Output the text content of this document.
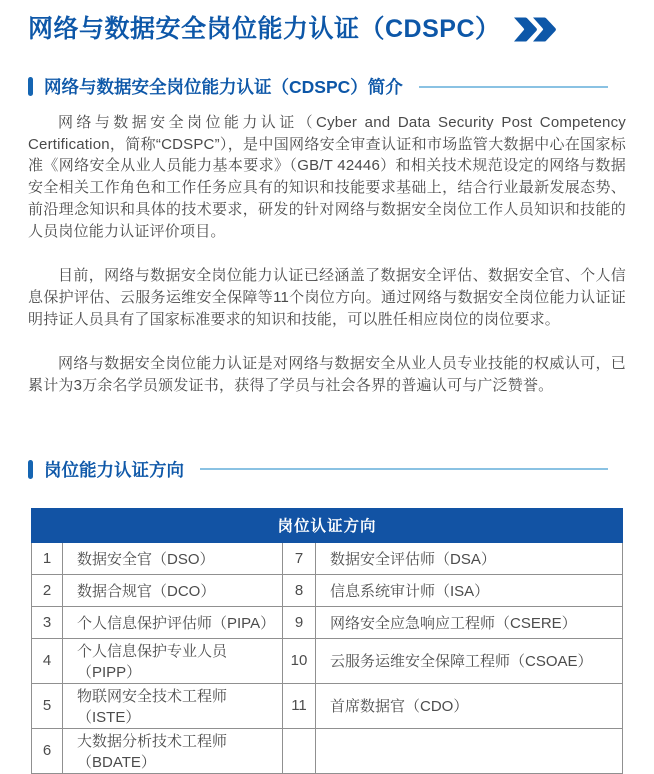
网络与数据安全岗位能力认证（CDSPC）
网络与数据安全岗位能力认证（CDSPC）简介

网络与数据安全岗位能力认证（Cyber and Data Security Post Competency Certification，简称“CDSPC”），是中国网络安全审查认证和市场监管大数据中心在国家标准《网络安全从业人员能力基本要求》（GB/T 42446）和相关技术规范设定的网络与数据安全相关工作角色和工作任务应具有的知识和技能要求基础上，结合行业最新发展态势、前沿理念知识和具体的技术要求，研发的针对网络与数据安全岗位工作人员知识和技能的人员岗位能力认证评价项目。

目前，网络与数据安全岗位能力认证已经涵盖了数据安全评估、数据安全官、个人信息保护评估、云服务运维安全保障等11个岗位方向。通过网络与数据安全岗位能力认证证明持证人员具有了国家标准要求的知识和技能，可以胜任相应岗位的岗位要求。

网络与数据安全岗位能力认证是对网络与数据安全从业人员专业技能的权威认可，已累计为3万余名学员颁发证书，获得了学员与社会各界的普遍认可与广泛赞誉。

岗位能力认证方向
岗位认证方向			
1	数据安全官（DSO）	7	数据安全评估师（DSA）
2	数据合规官（DCO）	8	信息系统审计师（ISA）
3	个人信息保护评估师（PIPA）	9	网络安全应急响应工程师（CSERE）
4	个人信息保护专业人员（PIPP）	10	云服务运维安全保障工程师（CSOAE）
5	物联网安全技术工程师（ISTE）	11	首席数据官（CDO）
6	大数据分析技术工程师（BDATE）		
